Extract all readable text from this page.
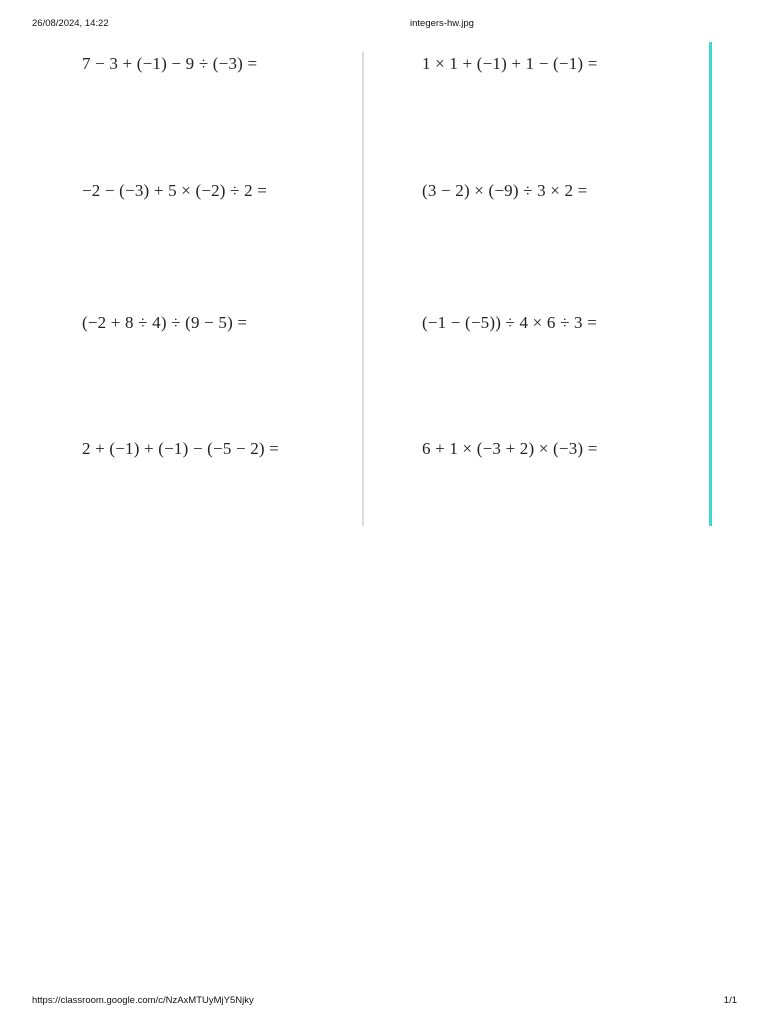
26/08/2024, 14:22	integers-hw.jpg
7 − 3 + (−1) − 9 ÷ (−3) =	1 × 1 + (−1) + 1 − (−1) =
−2 − (−3) + 5 × (−2) ÷ 2 =	(3 − 2) × (−9) ÷ 3 × 2 =
(−2 + 8 ÷ 4) ÷ (9 − 5) =	(−1 − (−5)) ÷ 4 × 6 ÷ 3 =
2 + (−1) + (−1) − (−5 − 2) =	6 + 1 × (−3 + 2) × (−3) =
https://classroom.google.com/c/NzAxMTUyMjY5Njky	1/1
